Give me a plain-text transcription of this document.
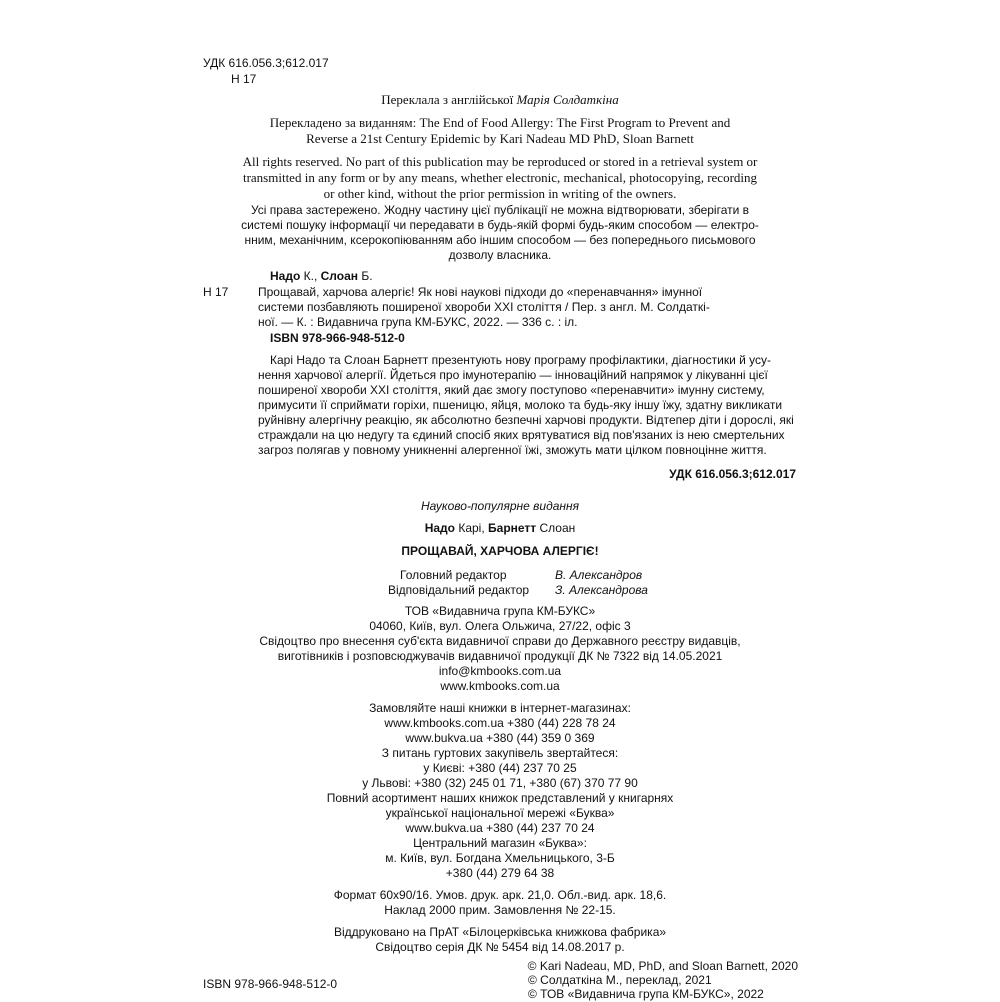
УДК 616.056.3;612.017
Н 17
Переклала з англійської Марія Солдаткіна
Перекладено за виданням: The End of Food Allergy: The First Program to Prevent and
Reverse a 21st Century Epidemic by Kari Nadeau MD PhD, Sloan Barnett
All rights reserved. No part of this publication may be reproduced or stored in a retrieval system or
transmitted in any form or by any means, whether electronic, mechanical, photocopying, recording
or other kind, without the prior permission in writing of the owners.
Усі права застережено. Жодну частину цієї публікації не можна відтворювати, зберігати в
системі пошуку інформації чи передавати в будь-якій формі будь-яким способом — електро-
нним, механічним, ксерокопіюванням або іншим способом — без попереднього письмового
дозволу власника.
Надо К., Слоан Б.
Н 17 Прощавай, харчова алергіє! Як нові наукові підходи до «перенавчання» імунної
системи позбавляють поширеної хвороби XXI століття / Пер. з англ. М. Солдаткі-
ної. — К. : Видавнича група КМ-БУКС, 2022. — 336 с. : іл.
ISBN 978-966-948-512-0
Карі Надо та Слоан Барнетт презентують нову програму профілактики, діагностики й усу-
нення харчової алергії. Йдеться про імунотерапію — інноваційний напрямок у лікуванні цієї
поширеної хвороби XXI століття, який дає змогу поступово «перенавчити» імунну систему,
примусити її сприймати горіхи, пшеницю, яйця, молоко та будь-яку іншу їжу, здатну викликати
руйнівну алергічну реакцію, як абсолютно безпечні харчові продукти. Відтепер діти і дорослі, які
страждали на цю недугу та єдиний спосіб яких врятуватися від пов'язаних із нею смертельних
загроз полягав у повному уникненні алергенної їжі, зможуть мати цілком повноцінне життя.
УДК 616.056.3;612.017
Науково-популярне видання
Надо Карі, Барнетт Слоан
ПРОЩАВАЙ, ХАРЧОВА АЛЕРГІЄ!
Головний редактор	В. Александров
Відповідальний редактор З. Александрова
ТОВ «Видавнича група КМ-БУКС»
04060, Київ, вул. Олега Ольжича, 27/22, офіс 3
Свідоцтво про внесення суб'єкта видавничої справи до Державного реєстру видавців,
виготівників і розповсюджувачів видавничої продукції ДК № 7322 від 14.05.2021
info@kmbooks.com.ua
www.kmbooks.com.ua
Замовляйте наші книжки в інтернет-магазинах:
www.kmbooks.com.ua +380 (44) 228 78 24
www.bukva.ua +380 (44) 359 0 369
З питань гуртових закупівель звертайтеся:
у Києві: +380 (44) 237 70 25
у Львові: +380 (32) 245 01 71, +380 (67) 370 77 90
Повний асортимент наших книжок представлений у книгарнях
української національної мережі «Буква»
www.bukva.ua +380 (44) 237 70 24
Центральний магазин «Буква»:
м. Київ, вул. Богдана Хмельницького, 3-Б
+380 (44) 279 64 38
Формат 60x90/16. Умов. друк. арк. 21,0. Обл.-вид. арк. 18,6.
Наклад 2000 прим. Замовлення № 22-15.
Віддруковано на ПрАТ «Білоцерківська книжкова фабрика»
Свідоцтво серія ДК № 5454 від 14.08.2017 р.
© Kari Nadeau, MD, PhD, and Sloan Barnett, 2020
© Солдаткіна М., переклад, 2021
© ТОВ «Видавнича група КМ-БУКС», 2022
ISBN 978-966-948-512-0
